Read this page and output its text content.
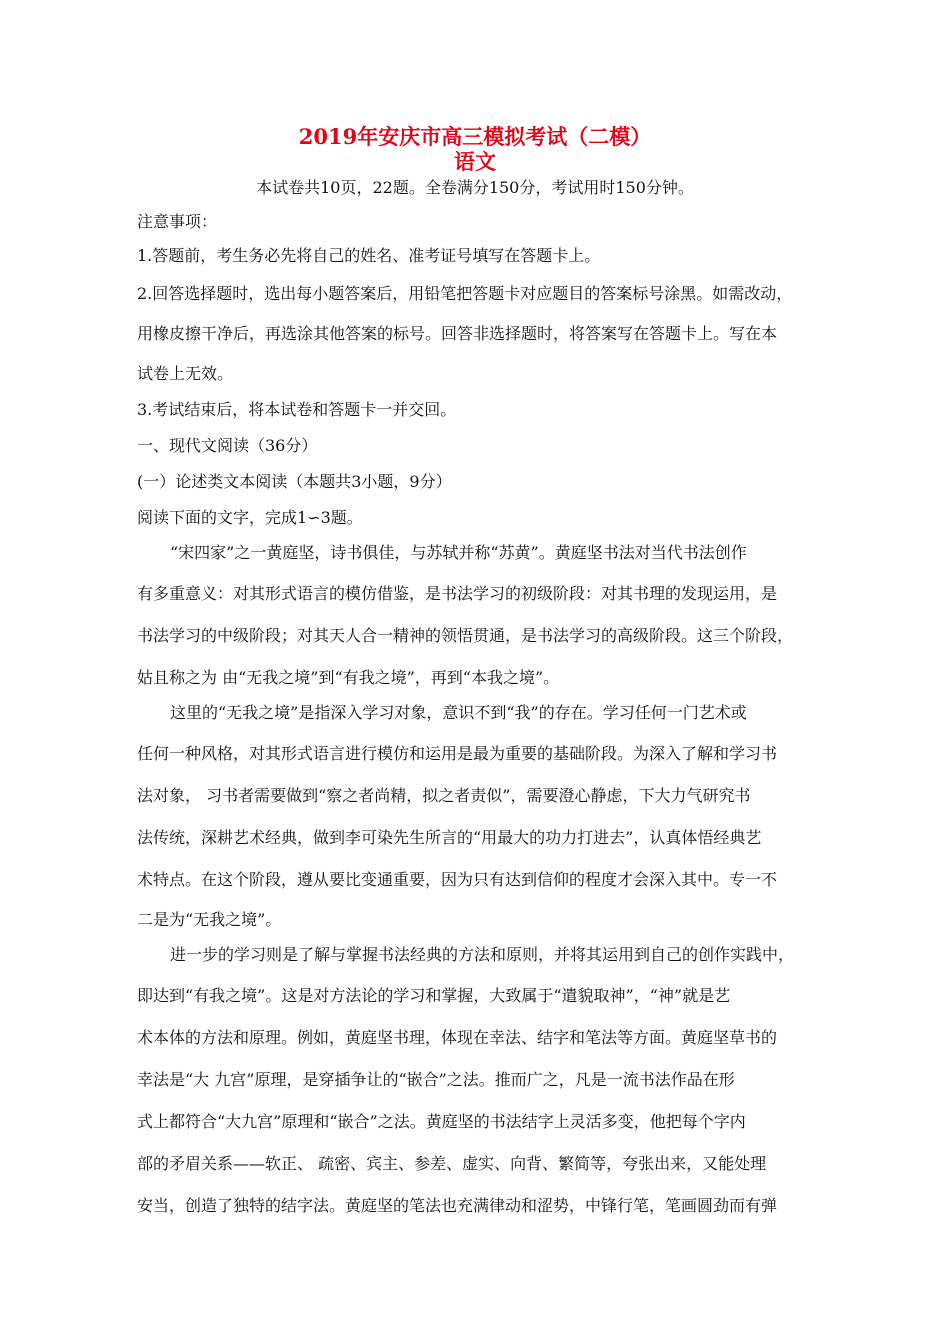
2019年安庆市高三模拟考试（二模）
语文
本试卷共10页，22题。全卷满分150分，考试用时150分钟。
注意事项：
1.答题前，考生务必先将自己的姓名、准考证号填写在答题卡上。
2.回答选择题时，选出每小题答案后，用铅笔把答题卡对应题目的答案标号涂黑。如需改动，
用橡皮擦干净后，再选涂其他答案的标号。回答非选择题时，将答案写在答题卡上。写在本
试卷上无效。
3.考试结束后，将本试卷和答题卡一并交回。
一、现代文阅读（36分）
(一）论述类文本阅读（本题共3小题，9分）
阅读下面的文字，完成1∽3题。
“宋四家”之一黄庭坚，诗书俱佳，与苏轼并称“苏黄”。黄庭坚书法对当代书法创作
有多重意义：对其形式语言的模仿借鉴，是书法学习的初级阶段：对其书理的发现运用，是
书法学习的中级阶段；对其天人合一精神的领悟贯通，是书法学习的高级阶段。这三个阶段，
姑且称之为 由“无我之境”到“有我之境”，再到“本我之境”。
这里的“无我之境”是指深入学习对象，意识不到“我”的存在。学习任何一门艺术或
任何一种风格，对其形式语言进行模仿和运用是最为重要的基础阶段。为深入了解和学习书
法对象， 习书者需要做到“察之者尚精，拟之者责似”，需要澄心静虑，下大力气研究书
法传统，深耕艺术经典，做到李可染先生所言的“用最大的功力打进去”，认真体悟经典艺
术特点。在这个阶段，遵从要比变通重要，因为只有达到信仰的程度才会深入其中。专一不
二是为“无我之境”。
进一步的学习则是了解与掌握书法经典的方法和原则，并将其运用到自己的创作实践中，
即达到“有我之境”。这是对方法论的学习和掌握，大致属于“遣貌取神”，“神”就是艺
术本体的方法和原理。例如，黄庭坚书理，体现在幸法、结字和笔法等方面。黄庭坚草书的
幸法是“大 九宫”原理，是穿插争让的“嵌合”之法。推而广之，凡是一流书法作品在形
式上都符合“大九宫”原理和“嵌合”之法。黄庭坚的书法结字上灵活多变，他把每个字内
部的矛眉关系——软正、 疏密、宾主、参差、虚实、向背、繁简等，夸张出来，又能处理
安当，创造了独特的结字法。黄庭坚的笔法也充满律动和涩势，中锋行笔，笔画圆劲而有弹
